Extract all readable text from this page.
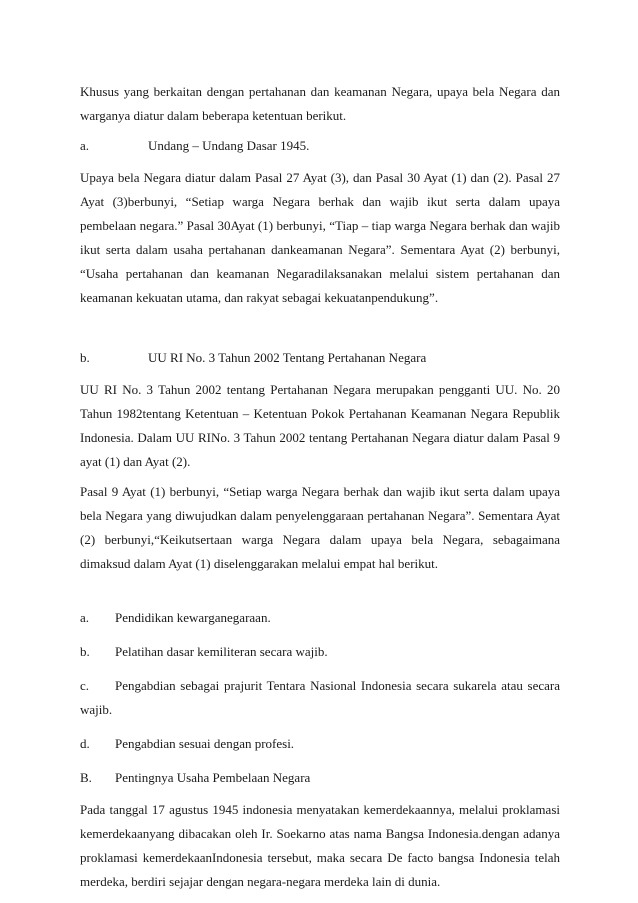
Khusus yang berkaitan dengan pertahanan dan keamanan Negara, upaya bela Negara dan warganya diatur dalam beberapa ketentuan berikut.

a.	Undang – Undang Dasar 1945.

Upaya bela Negara diatur dalam Pasal 27 Ayat (3), dan Pasal 30 Ayat (1) dan (2). Pasal 27 Ayat (3)berbunyi, “Setiap warga Negara berhak dan wajib ikut serta dalam upaya pembelaan negara.” Pasal 30Ayat (1) berbunyi, “Tiap – tiap warga Negara berhak dan wajib ikut serta dalam usaha pertahanan dankeamanan Negara”. Sementara Ayat (2) berbunyi, “Usaha pertahanan dan keamanan Negaradilaksanakan melalui sistem pertahanan dan keamanan kekuatan utama, dan rakyat sebagai kekuatanpendukung”.

b.	UU RI No. 3 Tahun 2002 Tentang Pertahanan Negara

UU RI No. 3 Tahun 2002 tentang Pertahanan Negara merupakan pengganti UU. No. 20 Tahun 1982tentang Ketentuan – Ketentuan Pokok Pertahanan Keamanan Negara Republik Indonesia. Dalam UU RINo. 3 Tahun 2002 tentang Pertahanan Negara diatur dalam Pasal 9 ayat (1) dan Ayat (2).

Pasal 9 Ayat (1) berbunyi, “Setiap warga Negara berhak dan wajib ikut serta dalam upaya bela Negara yang diwujudkan dalam penyelenggaraan pertahanan Negara”. Sementara Ayat (2) berbunyi,“Keikutsertaan warga Negara dalam upaya bela Negara, sebagaimana dimaksud dalam Ayat (1) diselenggarakan melalui empat hal berikut.

a.	Pendidikan kewarganegaraan.
b.	Pelatihan dasar kemiliteran secara wajib.

c. Pengabdian sebagai prajurit Tentara Nasional Indonesia secara sukarela atau secara wajib.

d.	Pengabdian sesuai dengan profesi.
B.	Pentingnya Usaha Pembelaan Negara

Pada tanggal 17 agustus 1945 indonesia menyatakan kemerdekaannya, melalui proklamasi kemerdekaanyang dibacakan oleh Ir. Soekarno atas nama Bangsa Indonesia.dengan adanya proklamasi kemerdekaanIndonesia tersebut, maka secara De facto bangsa Indonesia telah merdeka, berdiri sejajar dengan negara-negara merdeka lain di dunia.
